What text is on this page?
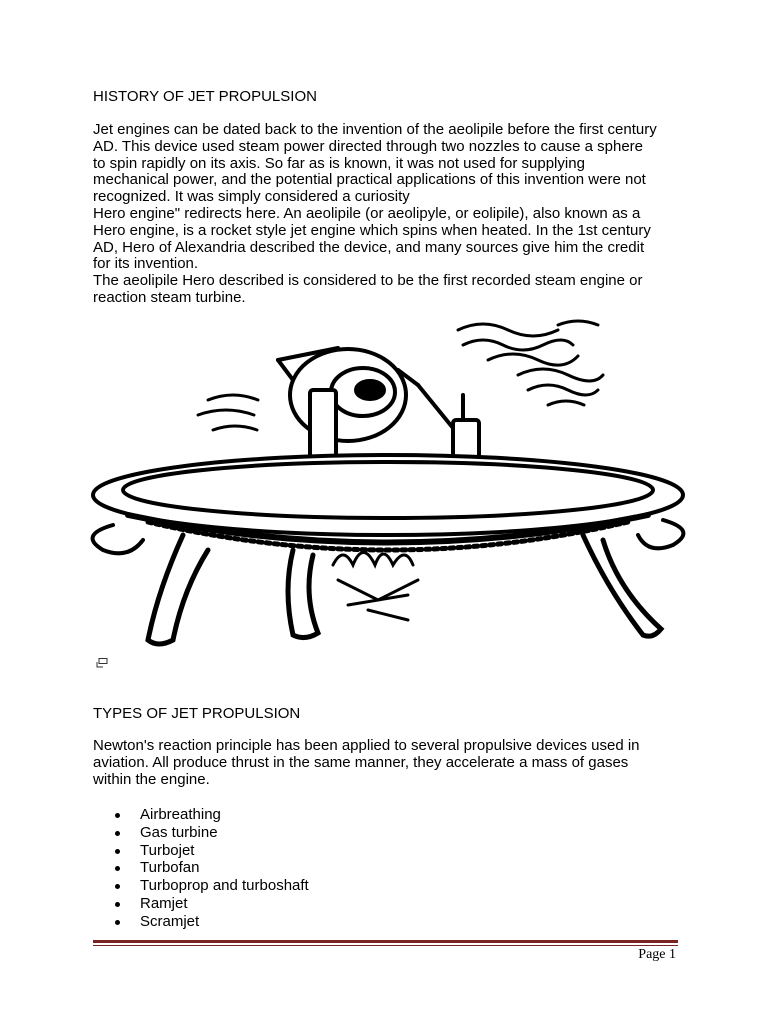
HISTORY OF JET PROPULSION

Jet engines can be dated back to the invention of the aeolipile before the first century
AD. This device used steam power directed through two nozzles to cause a sphere
to spin rapidly on its axis. So far as is known, it was not used for supplying
mechanical power, and the potential practical applications of this invention were not
recognized. It was simply considered a curiosity
Hero engine" redirects here. An aeolipile (or aeolipyle, or eolipile), also known as a
Hero engine, is a rocket style jet engine which spins when heated. In the 1st century
AD, Hero of Alexandria described the device, and many sources give him the credit
for its invention.
The aeolipile Hero described is considered to be the first recorded steam engine or
reaction steam turbine.

TYPES OF JET PROPULSION

Newton's reaction principle has been applied to several propulsive devices used in
aviation. All produce thrust in the same manner, they accelerate a mass of gases
within the engine.

Airbreathing
Gas turbine
Turbojet
Turbofan
Turboprop and turboshaft
Ramjet
Scramjet
Page 1
